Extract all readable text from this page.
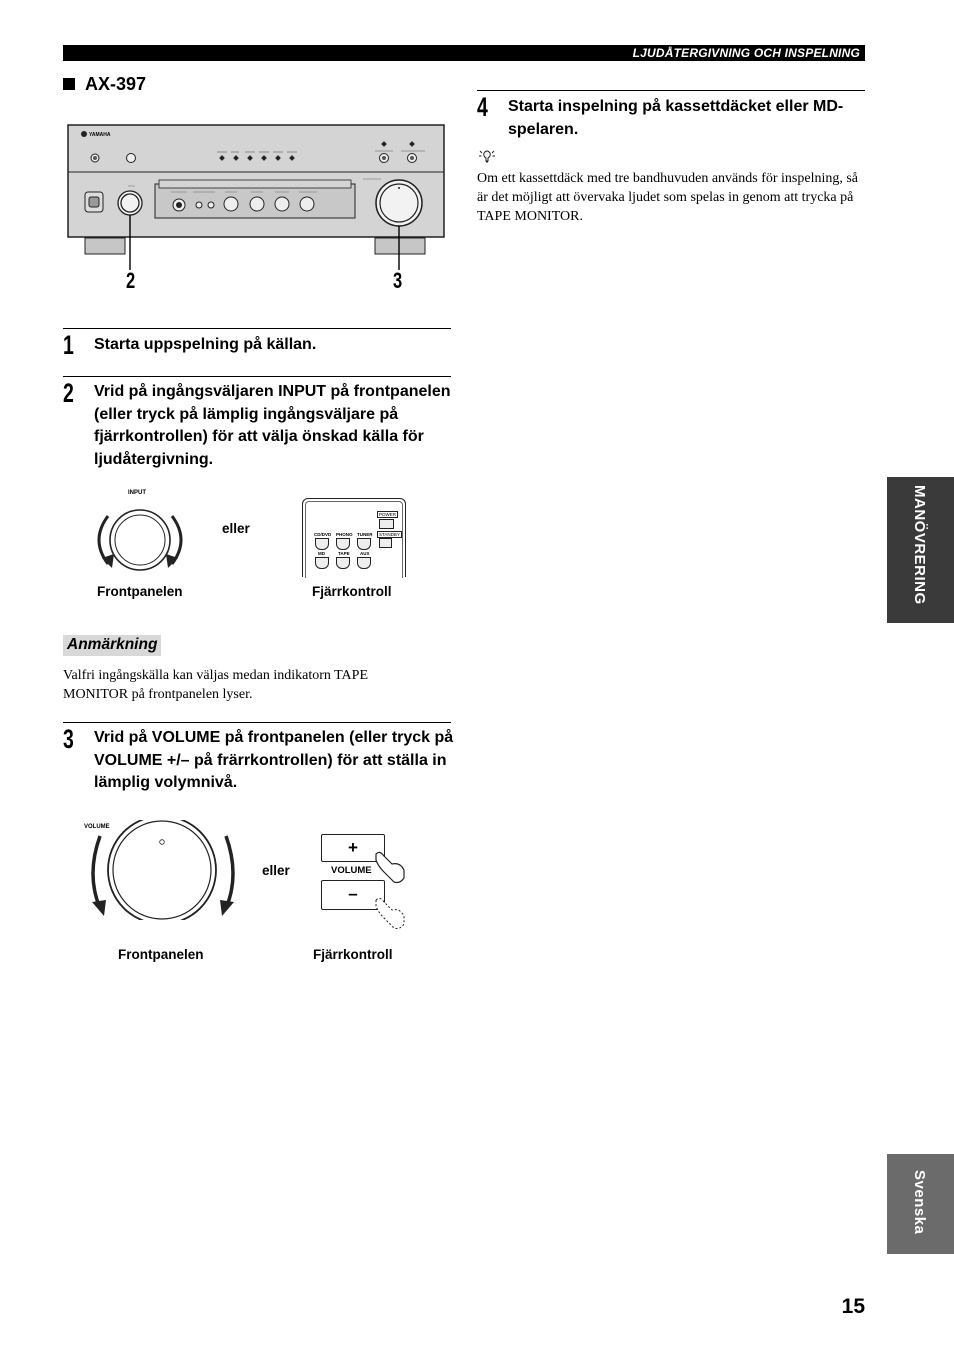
LJUDÅTERGIVNING OCH INSPELNING
AX-397
YAMAHA
2	3
1 Starta uppspelning på källan.
2 Vrid på ingångsväljaren INPUT på frontpanelen (eller tryck på lämplig ingångsväljare på fjärrkontrollen) för att välja önskad källa för ljudåtergivning.
INPUT
eller
POWER
STANDBY
CD/DVD PHONO TUNER
MD	TAPE AUX
Frontpanelen	Fjärrkontroll
Anmärkning
Valfri ingångskälla kan väljas medan indikatorn TAPE MONITOR på frontpanelen lyser.
3 Vrid på VOLUME på frontpanelen (eller tryck på VOLUME +/– på frärrkontrollen) för att ställa in lämplig volymnivå.
VOLUME
eller
+
VOLUME
–
Frontpanelen	Fjärrkontroll
4 Starta inspelning på kassettdäcket eller MD-spelaren.
Om ett kassettdäck med tre bandhuvuden används för inspelning, så är det möjligt att övervaka ljudet som spelas in genom att trycka på TAPE MONITOR.
MANÖVRERING
Svenska
15
